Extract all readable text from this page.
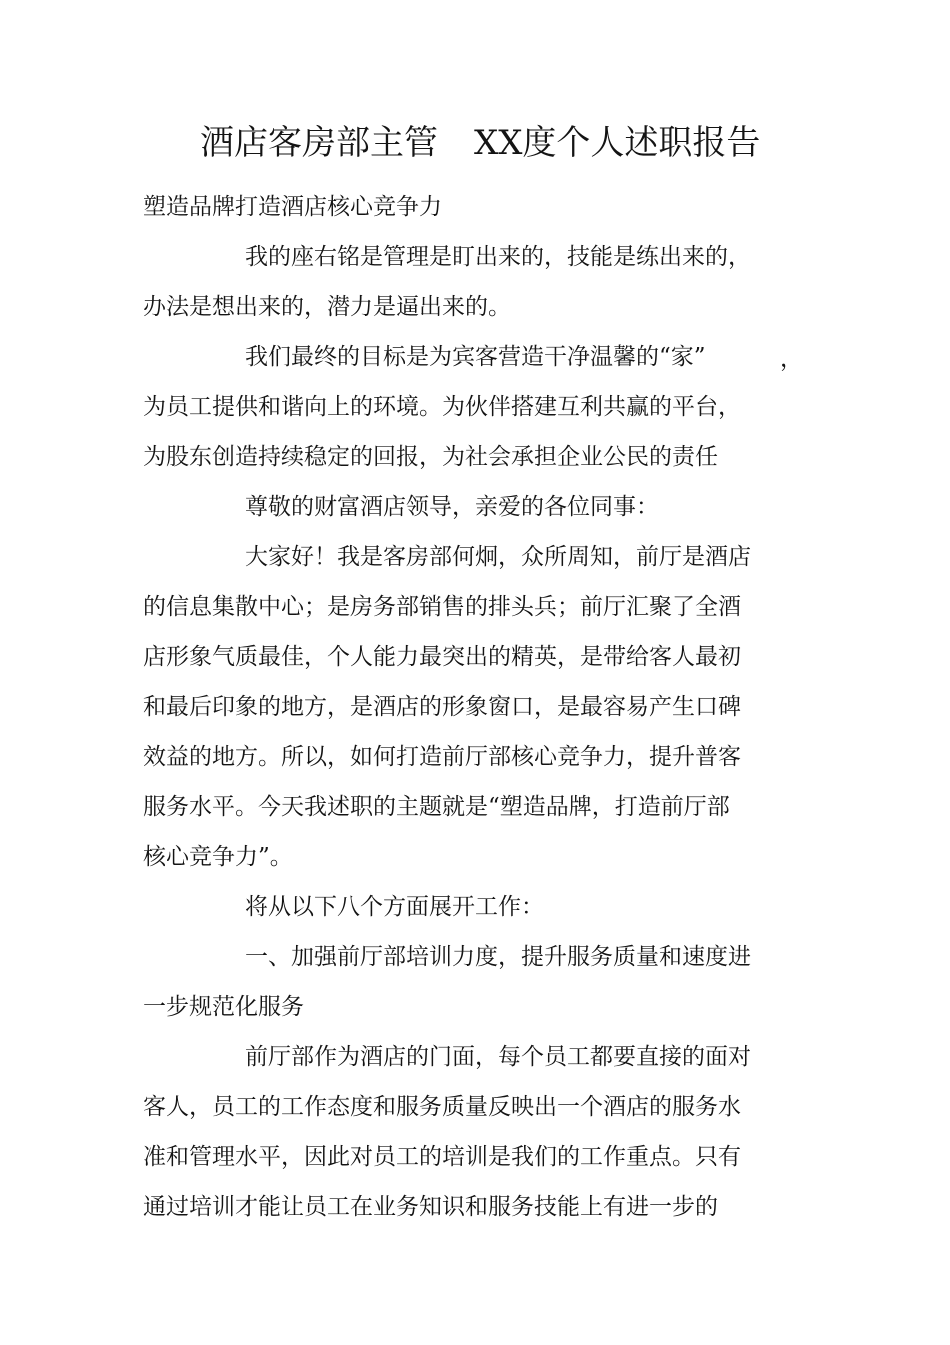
酒店客房部主管 XX度个人述职报告
塑造品牌打造酒店核心竞争力
我的座右铭是管理是盯出来的，技能是练出来的，
办法是想出来的，潜力是逼出来的。
我们最终的目标是为宾客营造干净温馨的“家”	，
为员工提供和谐向上的环境。为伙伴搭建互利共赢的平台，
为股东创造持续稳定的回报，为社会承担企业公民的责任
尊敬的财富酒店领导，亲爱的各位同事：
大家好！我是客房部何炯，众所周知，前厅是酒店
的信息集散中心；是房务部销售的排头兵；前厅汇聚了全酒
店形象气质最佳，个人能力最突出的精英，是带给客人最初
和最后印象的地方，是酒店的形象窗口，是最容易产生口碑
效益的地方。所以，如何打造前厅部核心竞争力，提升普客
服务水平。今天我述职的主题就是“塑造品牌，打造前厅部
核心竞争力”。
将从以下八个方面展开工作：
一、加强前厅部培训力度，提升服务质量和速度进
一步规范化服务
前厅部作为酒店的门面，每个员工都要直接的面对
客人，员工的工作态度和服务质量反映出一个酒店的服务水
准和管理水平，因此对员工的培训是我们的工作重点。只有
通过培训才能让员工在业务知识和服务技能上有进一步的
